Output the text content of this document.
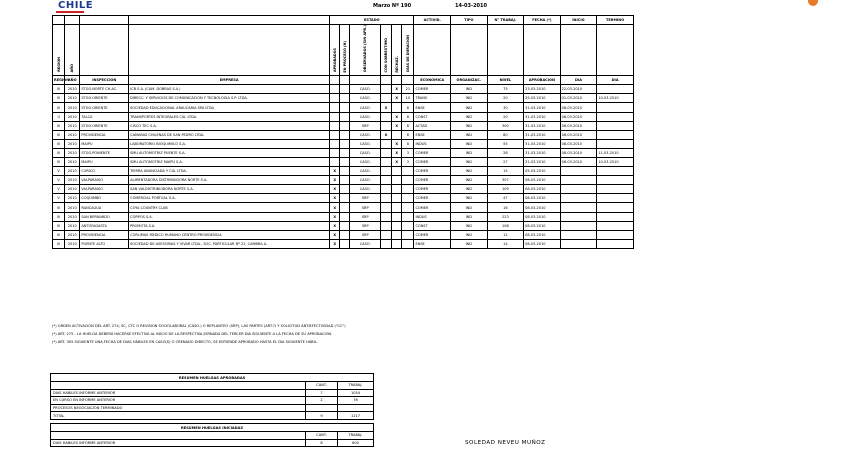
CHILE	Marzo Nº 190	14-03-2010
				ESTADO						ACTIVID.	TIPO	N° TRABAJ.	FECHA (*)	INICIO	TERMINO
REGION	AÑO			APROBADOS	EN PROCESO (N)	OBSERVADOS (SIN APR.)	CON SOBRESTIMO	RECHAZ.	DIAS DE DURACION						
REGION	AÑO	INSPECCION	EMPRESA							ECONOMICA	ORGANIZAC.	NIVEL	APROBACION	DIA	DIA
III	2010	STGO.NORTE CH.AC.	ICB S.A. (CAM. DOBRAS S.A.)			CASO.		X	21	COMER	IND	75	23-03-2010	22-03-2010	
III	2010	STGO.ORIENTE	DIRECC. Y SERVICIOS DE COMUNICACION Y TECNOLOGIA S.P. LTDA.			CASO.		X	10	TRANS	IND	20	25-03-2010	01-03-2010	10-03-2010
III	2010	STGO.ORIENTE	SOCIEDAD EDUCACIONAL ARAUCARIA SPA LTDA.			CASO.	X		8	ENSE	IND	30	31-03-2010	08-03-2010	
II	2010	TALCA	TRANSPORTES INTEGRALES CIA. LTDA.			CASO.		X	8	CONST	IND	20	31-03-2010	08-03-2010	
III	2010	STGO.ORIENTE	CISCO TEC S.A.			SRP		X	8	ACTAD	IND	300	31-03-2010	08-03-2010	
III	2010	PROVIDENCIA	CAMARAS CHILENAS DE SAN PEDRO LTDA.			CASO.	X		8	ENSE	IND	80	31-03-2010	08-03-2010	
III	2010	MAIPU	LABORATORIO BIOQUIMICO S.A.			CASO.		X	8	INDUS	IND	55	31-03-2010	08-03-2010	
III	2010	STGO.PONIENTE	SMU AUTOMOTRIZ PUENTE S.A.			CASO.		X	3	COMER	IND	28	31-03-2010	08-03-2010	11-03-2010
III	2010	MAIPU	SMU AUTOMOTRIZ MAIPU S.A.			CASO.		X	3	COMER	IND	27	31-03-2010	08-03-2010	10-03-2010
V	2010	CURICO	TIERRA ANUNCIADA Y CIA. LTDA.	X		CASO.				COMER	IND	15	05-03-2010		
V	2010	VALPARAISO	ALIMENTADORA DISTRIBUIDORA NORTE S.A.	X		CASO.				COMER	IND	307	08-03-2010		
V	2010	VALPARAISO	SAN VALDISTRIBUIDORA NORTE S.A.	X		CASO.				COMER	IND	109	08-03-2010		
V	2010	COQUIMBO	COMERCIAL PORTUAL S.A.	X		SRP				COMER	IND	47	08-03-2010		
VI	2010	RANCAGUA	COYA COUNTRY CLUB	X		SRP				COMER	IND	16	08-03-2010		
III	2010	SAN BERNARDO	CORPOS S.A.	X		SRP				INDUS	IND	223	08-03-2010		
III	2010	ANTOFAGASTA	PROMOTA S.A.	X		SRP				CONST	IND	108	08-03-2010		
III	2010	PROVIDENCIA	CORLIMAS MEDICO HUMANO CENTRO PROVIDENCIA	X		SRP				COMER	IND	12	08-03-2010		
III	2010	PUENTE ALTO	SOCIEDAD DE ASESORIAS Y VIVAR LTDA., SOC. PARTICULAR Nº 22, CAMBRA A.	X		CASO.				ENSE	IND	14	08-03-2010		
(*) ORDEN ACTIVACION DEL ART. 274, SC, CTC O REVISION SOCIOLABORAL (CASO.) O REPLANTEO (SRP), LAS PARTES (ART.?) Y SOLICITUD ANTIEFECTIVIDAD ("CC")
(*) ART. 275 - LA HUELGA DEBERÁ HACERSE EFECTIVA AL INICIO DE LA RESPECTIVA JORNADA DEL TERCER DIA SIGUIENTE A LA FECHA DE SU APROBACION.
(*) ART. 305 SIGUIENTE UNA FECHA DE DIAS HÁBILES EN CASO(S) O CRENADO DIRECTO, SE ENTIENDE APROBADO HASTA EL DIA SIGUIENTE HÁBIL.
RESUMEN HUELGAS APROBADAS		
	CANT.	TRABAJ.
DIAS HABILES INFORME ANTERIOR	7	1054
EN CURSO EN INFORME ANTERIOR	2	76
PROCESOS NEGOCIACION TERMINADO		
TOTAL	9	1117
RESUMEN HUELGAS INICIADAS		
	CANT.	TRABAJ.
DIAS HABILES INFORME ANTERIOR	8	600	SOLEDAD NEVEU MUÑOZ
